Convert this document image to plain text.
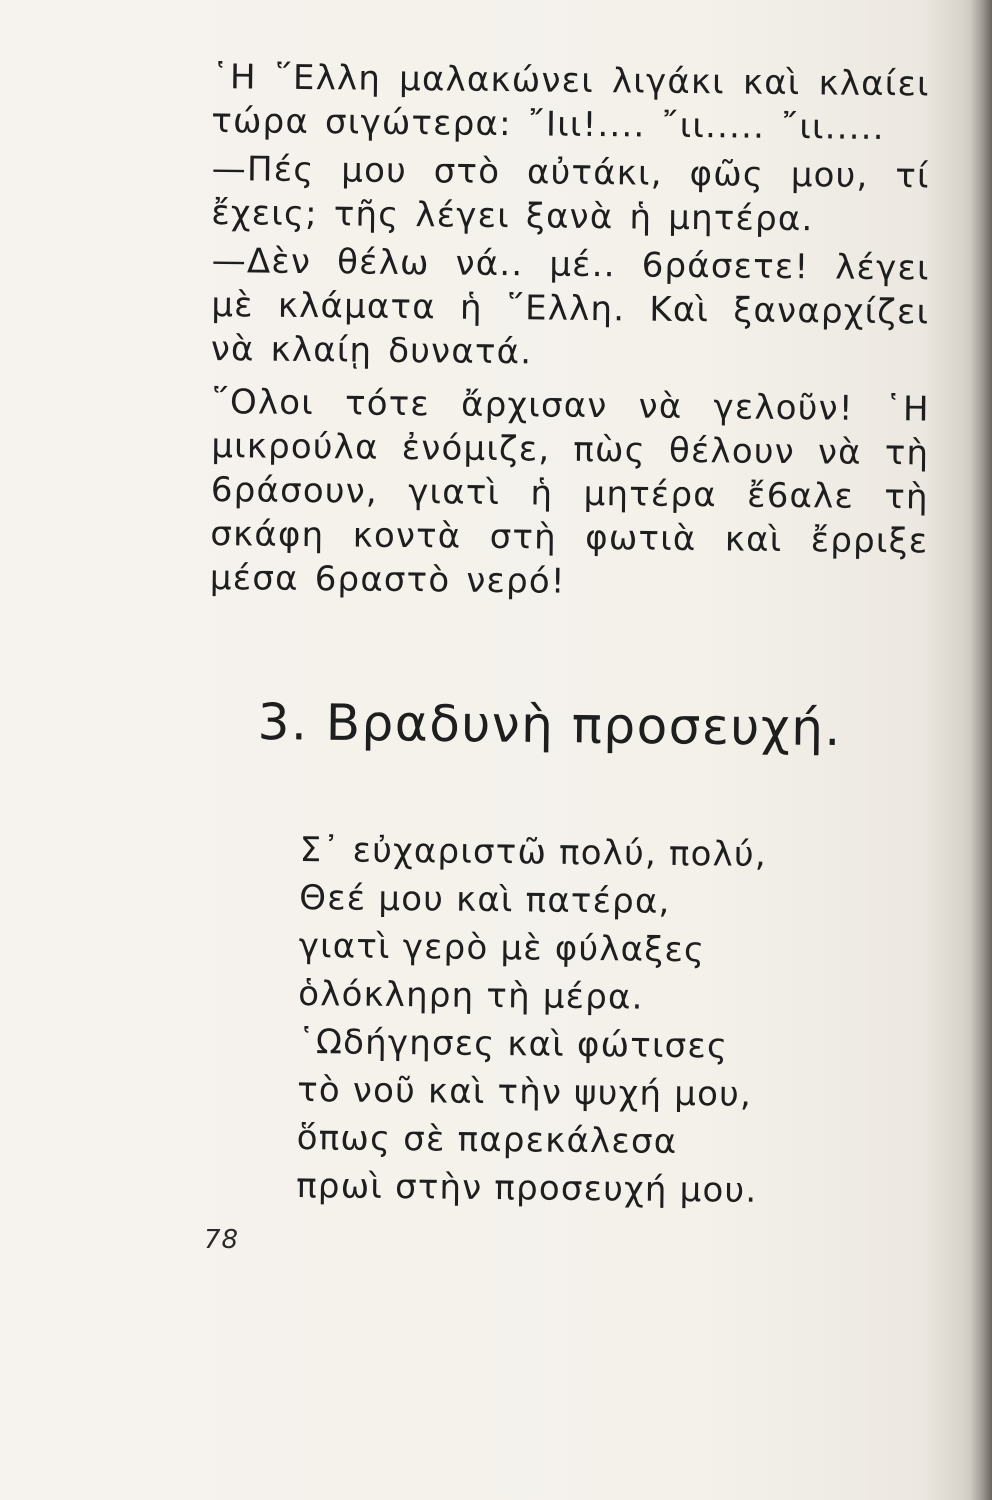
῾Η ῞Ελλη μαλακώνει λιγάκι καὶ κλαίει τώρα σιγώτερα: ῎Ιιι!.... ῎ιι..... ῎ιι.....
—Πές μου στὸ αὐτάκι, φῶς μου, τί ἔχεις; τῆς λέγει ξανὰ ἡ μητέρα.
—Δὲν θέλω νά.. μέ.. 6ράσετε! λέγει μὲ κλάματα ἡ ῞Ελλη. Καὶ ξαναρχίζει νὰ κλαίῃ δυνατά.
῞Ολοι τότε ἄρχισαν νὰ γελοῦν! ῾Η μικρούλα ἐνόμιζε, πὼς θέλουν νὰ τὴ 6ράσουν, γιατὶ ἡ μητέρα ἔ6αλε τὴ σκάφη κοντὰ στὴ φωτιὰ καὶ ἔρριξε μέσα 6ραστὸ νερό!
3. Βραδυνὴ προσευχή.
Σ᾿ εὐχαριστῶ πολύ, πολύ,
Θεέ μου καὶ πατέρα,
γιατὶ γερὸ μὲ φύλαξες
ὁλόκληρη τὴ μέρα.
῾Ωδήγησες καὶ φώτισες
τὸ νοῦ καὶ τὴν ψυχή μου,
ὅπως σὲ παρεκάλεσα
πρωὶ στὴν προσευχή μου.
78
